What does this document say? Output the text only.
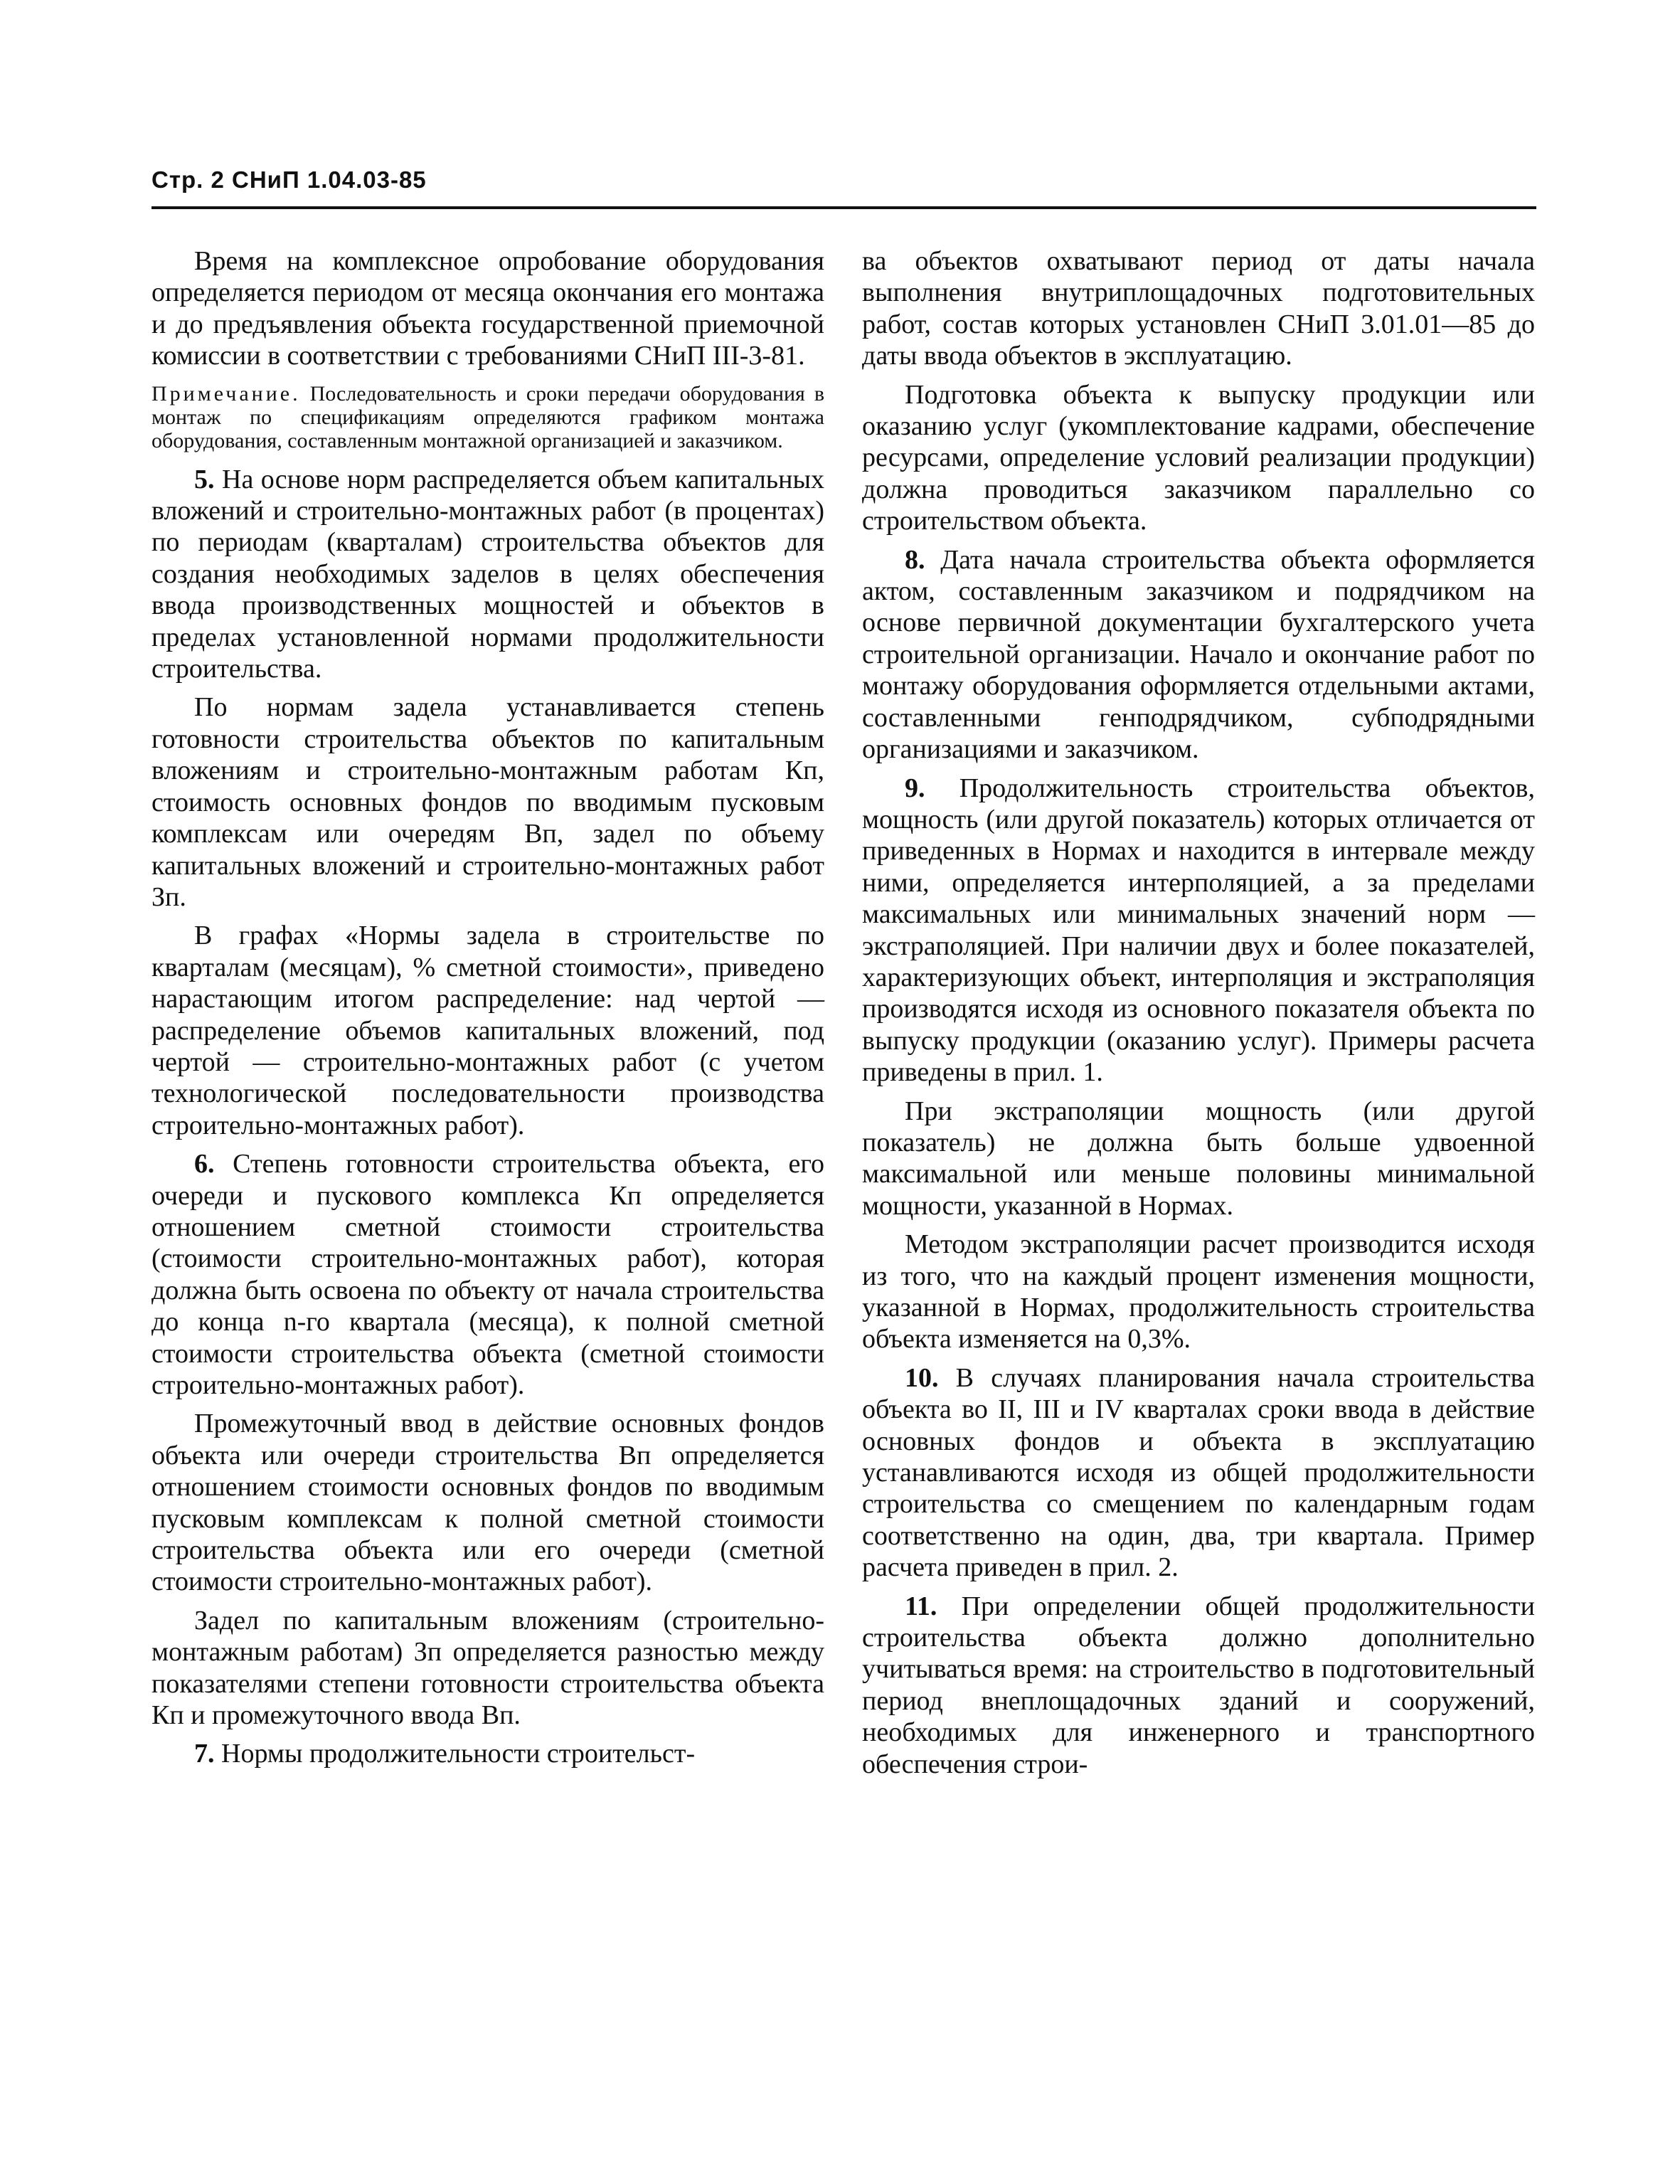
Стр. 2 СНиП 1.04.03-85

Время на комплексное опробование оборудования определяется периодом от месяца окончания его монтажа и до предъявления объекта государственной приемочной комиссии в соответствии с требованиями СНиП III-3-81.

Примечание. Последовательность и сроки передачи оборудования в монтаж по спецификациям определяются графиком монтажа оборудования, составленным монтажной организацией и заказчиком.

5. На основе норм распределяется объем капитальных вложений и строительно-монтажных работ (в процентах) по периодам (кварталам) строительства объектов для создания необходимых заделов в целях обеспечения ввода производственных мощностей и объектов в пределах установленной нормами продолжительности строительства.

По нормам задела устанавливается степень готовности строительства объектов по капитальным вложениям и строительно-монтажным работам Кп, стоимость основных фондов по вводимым пусковым комплексам или очередям Вп, задел по объему капитальных вложений и строительно-монтажных работ Зп.

В графах «Нормы задела в строительстве по кварталам (месяцам), % сметной стоимости», приведено нарастающим итогом распределение: над чертой — распределение объемов капитальных вложений, под чертой — строительно-монтажных работ (с учетом технологической последовательности производства строительно-монтажных работ).

6. Степень готовности строительства объекта, его очереди и пускового комплекса Кп определяется отношением сметной стоимости строительства (стоимости строительно-монтажных работ), которая должна быть освоена по объекту от начала строительства до конца n-го квартала (месяца), к полной сметной стоимости строительства объекта (сметной стоимости строительно-монтажных работ).

Промежуточный ввод в действие основных фондов объекта или очереди строительства Вп определяется отношением стоимости основных фондов по вводимым пусковым комплексам к полной сметной стоимости строительства объекта или его очереди (сметной стоимости строительно-монтажных работ).

Задел по капитальным вложениям (строительно-монтажным работам) Зп определяется разностью между показателями степени готовности строительства объекта Кп и промежуточного ввода Вп.

7. Нормы продолжительности строительст-

ва объектов охватывают период от даты начала выполнения внутриплощадочных подготовительных работ, состав которых установлен СНиП 3.01.01—85 до даты ввода объектов в эксплуатацию.

Подготовка объекта к выпуску продукции или оказанию услуг (укомплектование кадрами, обеспечение ресурсами, определение условий реализации продукции) должна проводиться заказчиком параллельно со строительством объекта.

8. Дата начала строительства объекта оформляется актом, составленным заказчиком и подрядчиком на основе первичной документации бухгалтерского учета строительной организации. Начало и окончание работ по монтажу оборудования оформляется отдельными актами, составленными генподрядчиком, субподрядными организациями и заказчиком.

9. Продолжительность строительства объектов, мощность (или другой показатель) которых отличается от приведенных в Нормах и находится в интервале между ними, определяется интерполяцией, а за пределами максимальных или минимальных значений норм — экстраполяцией. При наличии двух и более показателей, характеризующих объект, интерполяция и экстраполяция производятся исходя из основного показателя объекта по выпуску продукции (оказанию услуг). Примеры расчета приведены в прил. 1.

При экстраполяции мощность (или другой показатель) не должна быть больше удвоенной максимальной или меньше половины минимальной мощности, указанной в Нормах.

Методом экстраполяции расчет производится исходя из того, что на каждый процент изменения мощности, указанной в Нормах, продолжительность строительства объекта изменяется на 0,3%.

10. В случаях планирования начала строительства объекта во II, III и IV кварталах сроки ввода в действие основных фондов и объекта в эксплуатацию устанавливаются исходя из общей продолжительности строительства со смещением по календарным годам соответственно на один, два, три квартала. Пример расчета приведен в прил. 2.

11. При определении общей продолжительности строительства объекта должно дополнительно учитываться время: на строительство в подготовительный период внеплощадочных зданий и сооружений, необходимых для инженерного и транспортного обеспечения строи-
